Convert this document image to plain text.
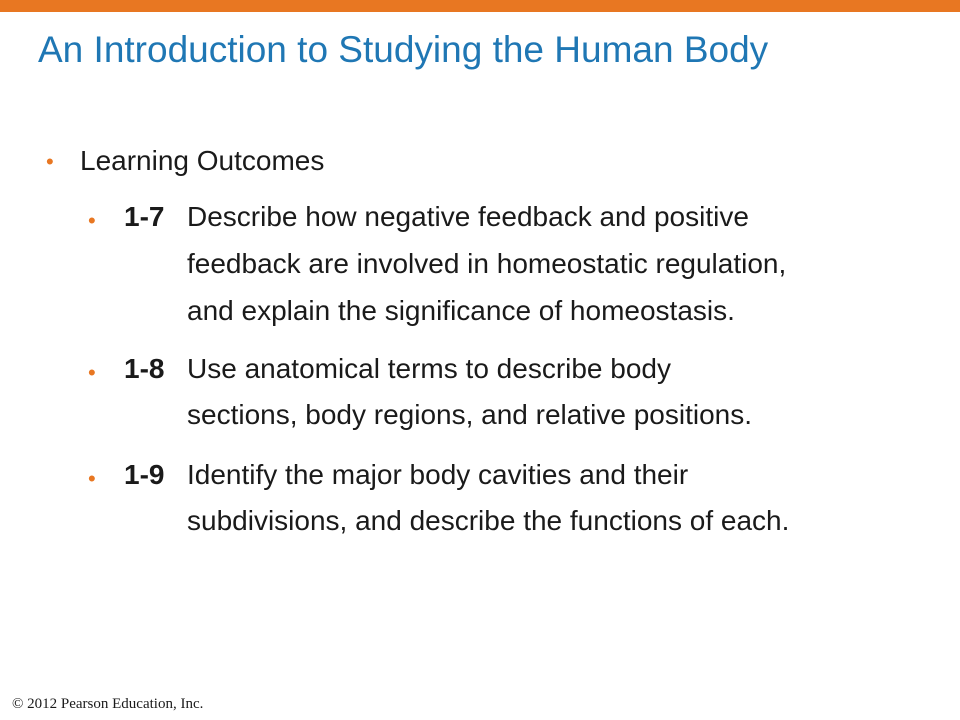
An Introduction to Studying the Human Body
• Learning Outcomes
• 1-7 Describe how negative feedback and positive
feedback are involved in homeostatic regulation,
and explain the significance of homeostasis.
• 1-8 Use anatomical terms to describe body
sections, body regions, and relative positions.
• 1-9 Identify the major body cavities and their
subdivisions, and describe the functions of each.
© 2012 Pearson Education, Inc.
